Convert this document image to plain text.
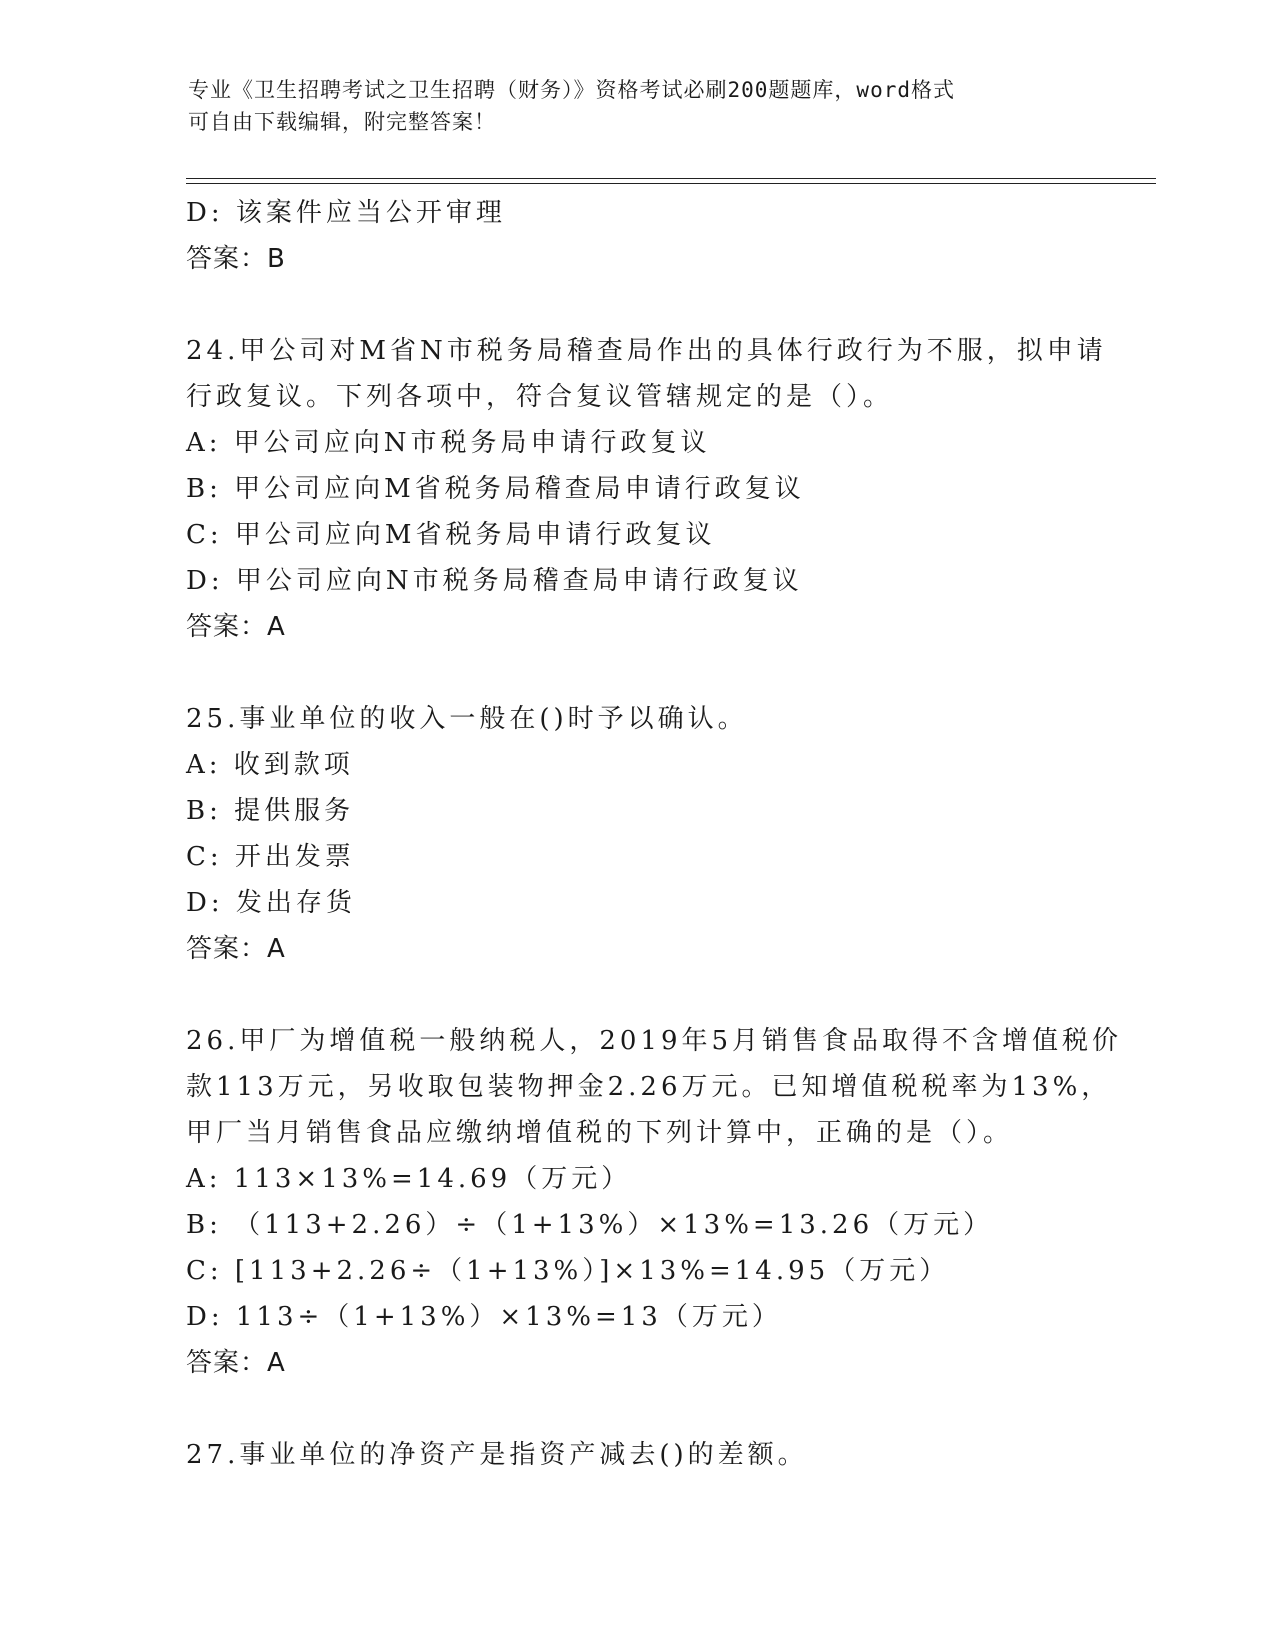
专业《卫生招聘考试之卫生招聘（财务）》资格考试必刷200题题库，word格式
可自由下载编辑，附完整答案！
D: 该案件应当公开审理
答案：B
24.甲公司对M省N市税务局稽查局作出的具体行政行为不服，拟申请
行政复议。下列各项中，符合复议管辖规定的是（）。
A: 甲公司应向N市税务局申请行政复议
B: 甲公司应向M省税务局稽查局申请行政复议
C: 甲公司应向M省税务局申请行政复议
D: 甲公司应向N市税务局稽查局申请行政复议
答案：A
25.事业单位的收入一般在()时予以确认。
A: 收到款项
B: 提供服务
C: 开出发票
D: 发出存货
答案：A
26.甲厂为增值税一般纳税人，2019年5月销售食品取得不含增值税价
款113万元，另收取包装物押金2.26万元。已知增值税税率为13%，
甲厂当月销售食品应缴纳增值税的下列计算中，正确的是（）。
A: 113×13%=14.69（万元）
B: （113+2.26）÷（1+13%）×13%=13.26（万元）
C: [113+2.26÷（1+13%）]×13%=14.95（万元）
D: 113÷（1+13%）×13%=13（万元）
答案：A
27.事业单位的净资产是指资产减去()的差额。
